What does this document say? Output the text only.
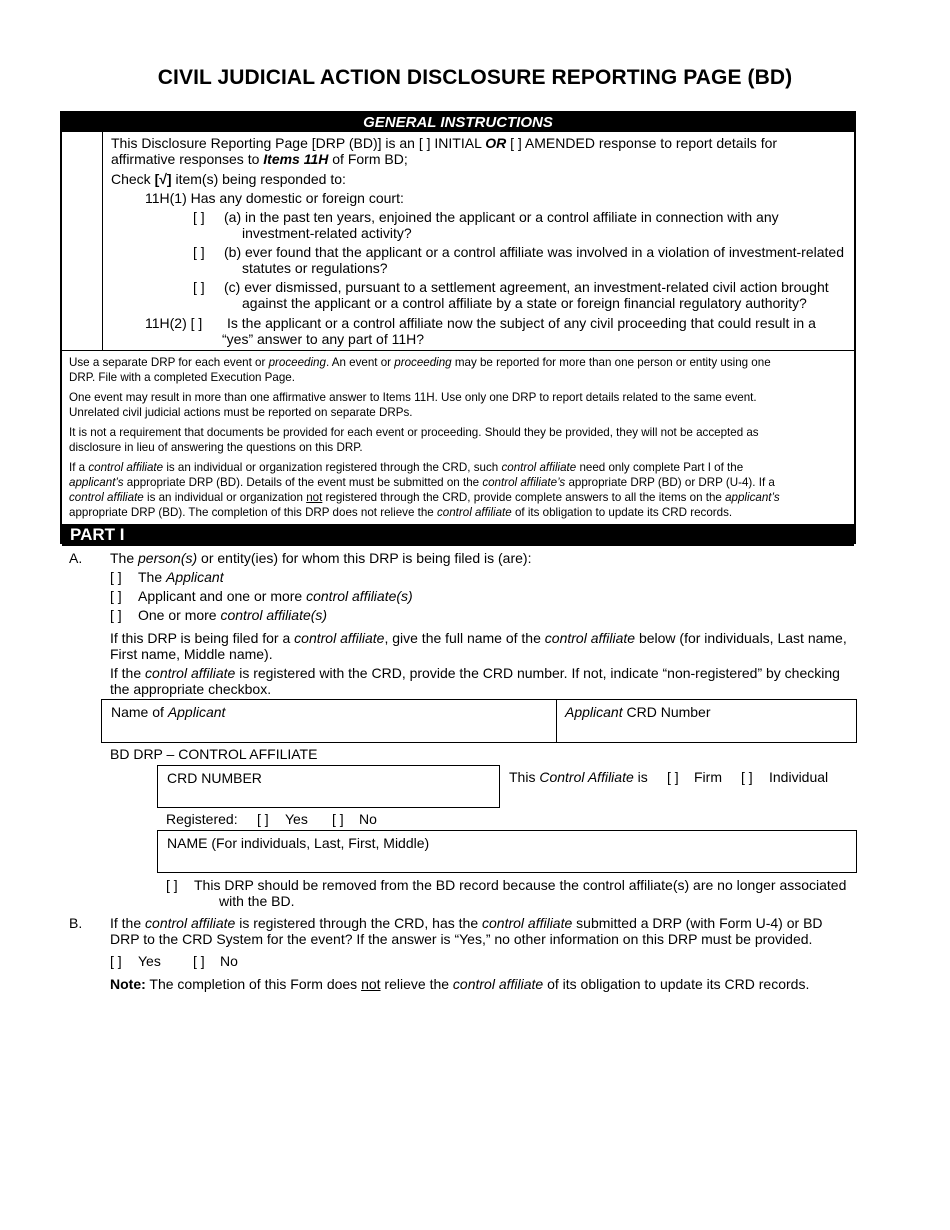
CIVIL JUDICIAL ACTION DISCLOSURE REPORTING PAGE (BD)
GENERAL INSTRUCTIONS
This Disclosure Reporting Page [DRP (BD)] is an [ ] INITIAL OR [ ] AMENDED response to report details for
affirmative responses to Items 11H of Form BD;
Check [√] item(s) being responded to:
11H(1) Has any domestic or foreign court:
[ ] (a) in the past ten years, enjoined the applicant or a control affiliate in connection with any
investment-related activity?
[ ] (b) ever found that the applicant or a control affiliate was involved in a violation of investment-related
statutes or regulations?
[ ] (c) ever dismissed, pursuant to a settlement agreement, an investment-related civil action brought
against the applicant or a control affiliate by a state or foreign financial regulatory authority?
11H(2) [ ] Is the applicant or a control affiliate now the subject of any civil proceeding that could result in a
“yes” answer to any part of 11H?
Use a separate DRP for each event or proceeding. An event or proceeding may be reported for more than one person or entity using one
DRP. File with a completed Execution Page.
One event may result in more than one affirmative answer to Items 11H. Use only one DRP to report details related to the same event.
Unrelated civil judicial actions must be reported on separate DRPs.
It is not a requirement that documents be provided for each event or proceeding. Should they be provided, they will not be accepted as
disclosure in lieu of answering the questions on this DRP.
If a control affiliate is an individual or organization registered through the CRD, such control affiliate need only complete Part I of the
applicant’s appropriate DRP (BD). Details of the event must be submitted on the control affiliate’s appropriate DRP (BD) or DRP (U-4). If a
control affiliate is an individual or organization not registered through the CRD, provide complete answers to all the items on the applicant’s
appropriate DRP (BD). The completion of this DRP does not relieve the control affiliate of its obligation to update its CRD records.
PART I
A. The person(s) or entity(ies) for whom this DRP is being filed is (are):
[ ] The Applicant
[ ] Applicant and one or more control affiliate(s)
[ ] One or more control affiliate(s)
If this DRP is being filed for a control affiliate, give the full name of the control affiliate below (for individuals, Last name,
First name, Middle name).
If the control affiliate is registered with the CRD, provide the CRD number. If not, indicate “non-registered” by checking
the appropriate checkbox.
Name of Applicant	Applicant CRD Number
BD DRP – CONTROL AFFILIATE
CRD NUMBER	This Control Affiliate is [ ] Firm [ ] Individual
Registered: [ ] Yes [ ] No
NAME (For individuals, Last, First, Middle)
[ ] This DRP should be removed from the BD record because the control affiliate(s) are no longer associated
with the BD.
B. If the control affiliate is registered through the CRD, has the control affiliate submitted a DRP (with Form U-4) or BD
DRP to the CRD System for the event? If the answer is “Yes,” no other information on this DRP must be provided.
[ ] Yes [ ] No
Note: The completion of this Form does not relieve the control affiliate of its obligation to update its CRD records.
